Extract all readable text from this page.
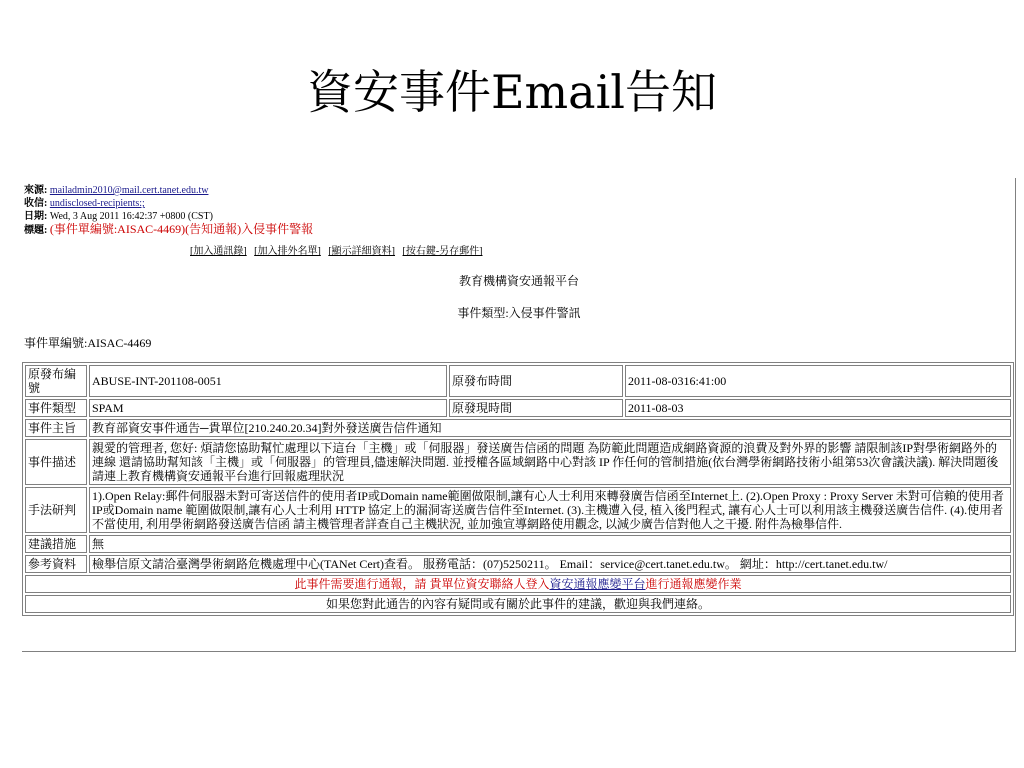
資安事件Email告知
來源: mailadmin2010@mail.cert.tanet.edu.tw
收信: undisclosed-recipients:;
日期: Wed, 3 Aug 2011 16:42:37 +0800 (CST)
標題: (事件單編號:AISAC-4469)(告知通報)入侵事件警報
[加入通訊錄] [加入排外名單] [顯示詳細資料] [按右鍵-另存郵件]
教育機構資安通報平台
事件類型:入侵事件警訊
事件單編號:AISAC-4469
原發布編號	ABUSE-INT-201108-0051	原發布時間	2011-08-0316:41:00
事件類型	SPAM	原發現時間	2011-08-03
事件主旨	教育部資安事件通告─貴單位[210.240.20.34]對外發送廣告信件通知		
事件描述	親愛的管理者, 您好: 煩請您協助幫忙處理以下這台「主機」或「伺服器」發送廣告信函的問題 為防範此問題造成網路資源的浪費及對外界的影響 請限制該IP對學術網路外的連線 還請協助幫知該「主機」或「伺服器」的管理員,儘速解決問題. 並授權各區域網路中心對該 IP 作任何的管制措施(依台灣學術網路技術小組第53次會議決議). 解決問題後請連上教育機構資安通報平台進行回報處理狀況		
手法研判	1).Open Relay:郵件伺服器未對可寄送信件的使用者IP或Domain name範圍做限制,讓有心人士利用來轉發廣告信函至Internet上. (2).Open Proxy : Proxy Server 未對可信賴的使用者IP或Domain name 範圍做限制,讓有心人士利用 HTTP 協定上的漏洞寄送廣告信件至Internet. (3).主機遭入侵, 植入後門程式, 讓有心人士可以利用該主機發送廣告信件. (4).使用者不當使用, 利用學術網路發送廣告信函 請主機管理者詳查自己主機狀況, 並加強宣導網路使用觀念, 以減少廣告信對他人之干擾. 附件為檢舉信件.		
建議措施	無		
參考資料	檢舉信原文請洽臺灣學術網路危機處理中心(TANet Cert)查看。 服務電話：(07)5250211。 Email：service@cert.tanet.edu.tw。 網址：http://cert.tanet.edu.tw/		
此事件需要進行通報，請 貴單位資安聯絡人登入資安通報應變平台進行通報應變作業			
如果您對此通告的內容有疑問或有關於此事件的建議，歡迎與我們連絡。			
